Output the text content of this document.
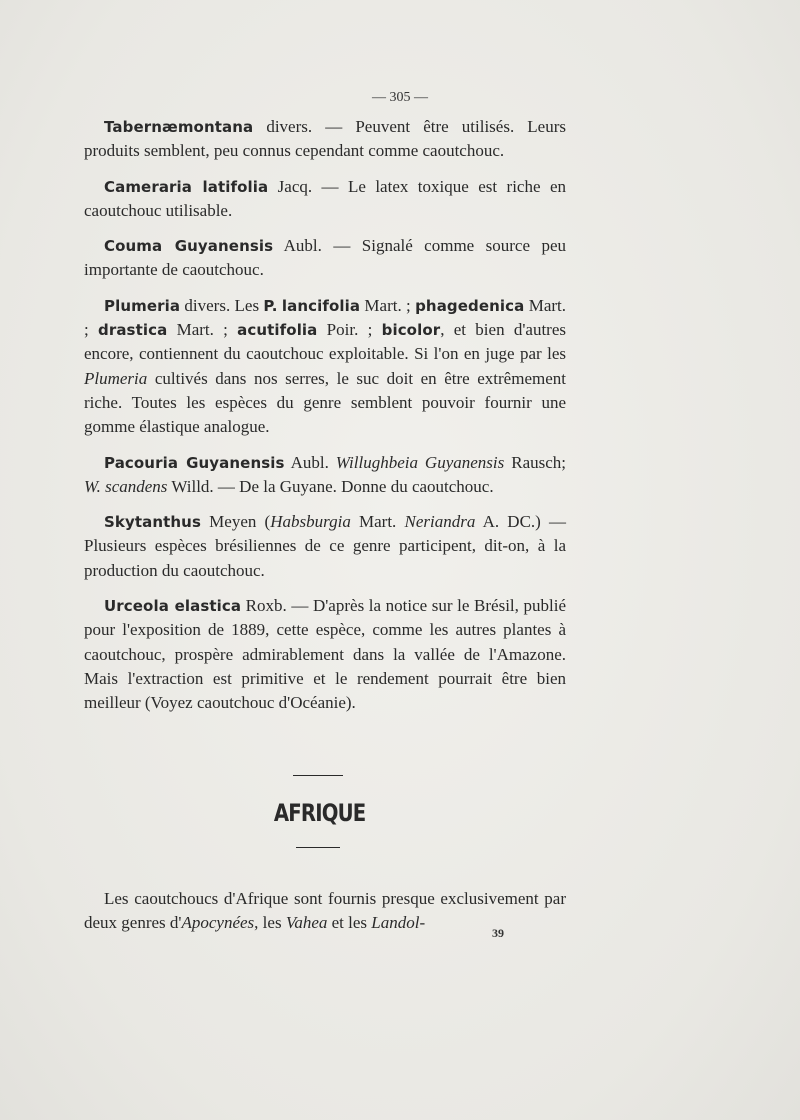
— 305 —

Tabernæmontana divers. — Peuvent être utilisés. Leurs produits semblent, peu connus cependant comme caoutchouc.

Cameraria latifolia Jacq. — Le latex toxique est riche en caoutchouc utilisable.

Couma Guyanensis Aubl. — Signalé comme source peu importante de caoutchouc.

Plumeria divers. Les P. lancifolia Mart. ; phagedenica Mart. ; drastica Mart. ; acutifolia Poir. ; bicolor, et bien d'autres encore, contiennent du caoutchouc exploitable. Si l'on en juge par les Plumeria cultivés dans nos serres, le suc doit en être extrêmement riche. Toutes les espèces du genre semblent pouvoir fournir une gomme élastique analogue.

Pacouria Guyanensis Aubl. Willughbeia Guyanensis Rausch; W. scandens Willd. — De la Guyane. Donne du caoutchouc.

Skytanthus Meyen (Habsburgia Mart. Neriandra A. DC.) — Plusieurs espèces brésiliennes de ce genre participent, dit-on, à la production du caoutchouc.

Urceola elastica Roxb. — D'après la notice sur le Brésil, publié pour l'exposition de 1889, cette espèce, comme les autres plantes à caoutchouc, prospère admirablement dans la vallée de l'Amazone. Mais l'extraction est primitive et le rendement pourrait être bien meilleur (Voyez caoutchouc d'Océanie).

AFRIQUE

Les caoutchoucs d'Afrique sont fournis presque exclusivement par deux genres d'Apocynées, les Vahea et les Landol-

39
